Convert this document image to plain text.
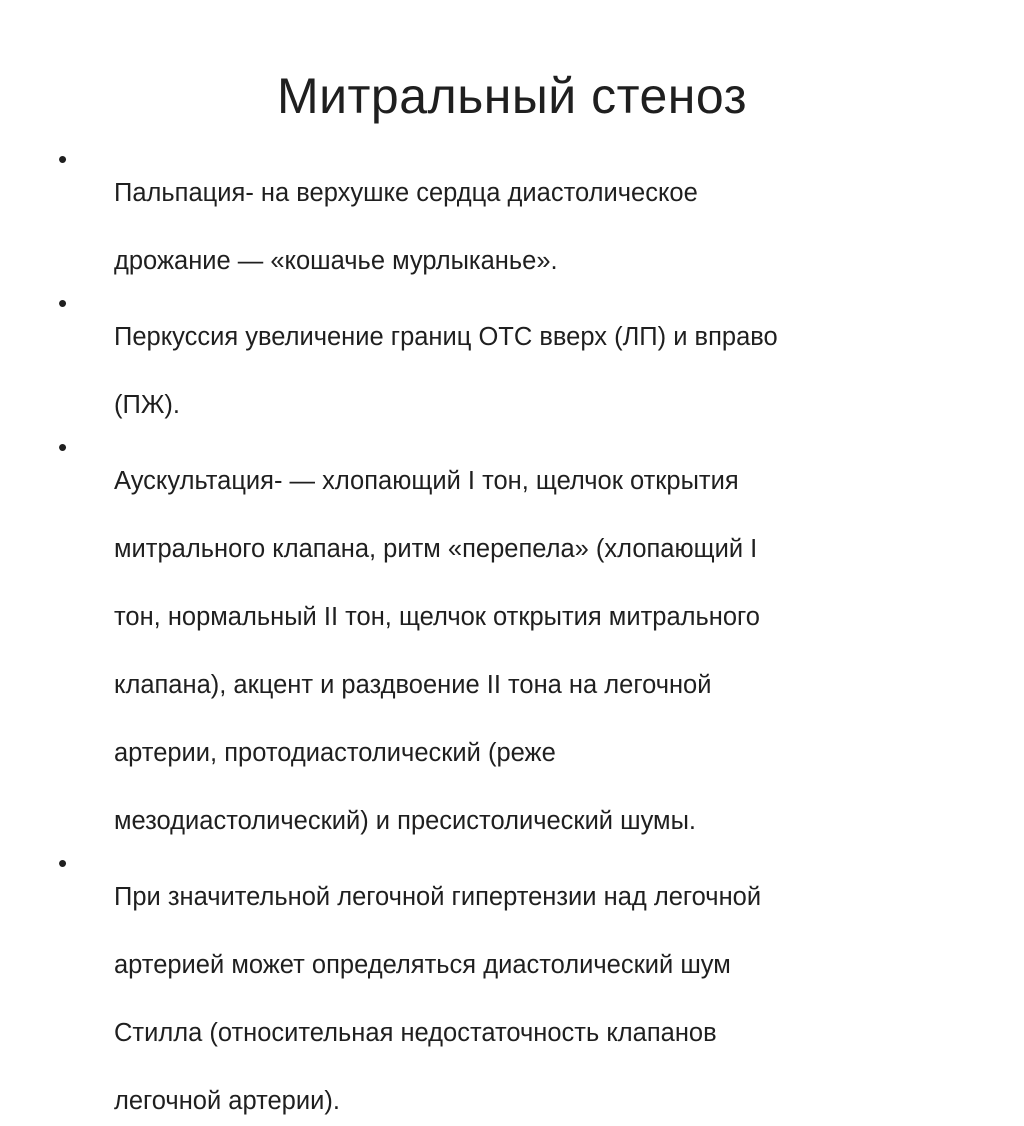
Митральный стеноз
•

Пальпация- на верхушке сердца диастолическое

дрожание — «кошачье мурлыканье».

•

Перкуссия увеличение границ ОТС вверх (ЛП) и вправо

(ПЖ).

•

Аускультация- — хлопающий I тон, щелчок открытия

митрального клапана, ритм «перепела» (хлопающий I

тон, нормальный II тон, щелчок открытия митрального

клапана), акцент и раздвоение II тона на легочной

артерии, протодиастолический (реже

мезодиастолический) и пресистолический шумы.

•

При значительной легочной гипертензии над легочной

артерией может определяться диастолический шум

Стилла (относительная недостаточность клапанов

легочной артерии).
